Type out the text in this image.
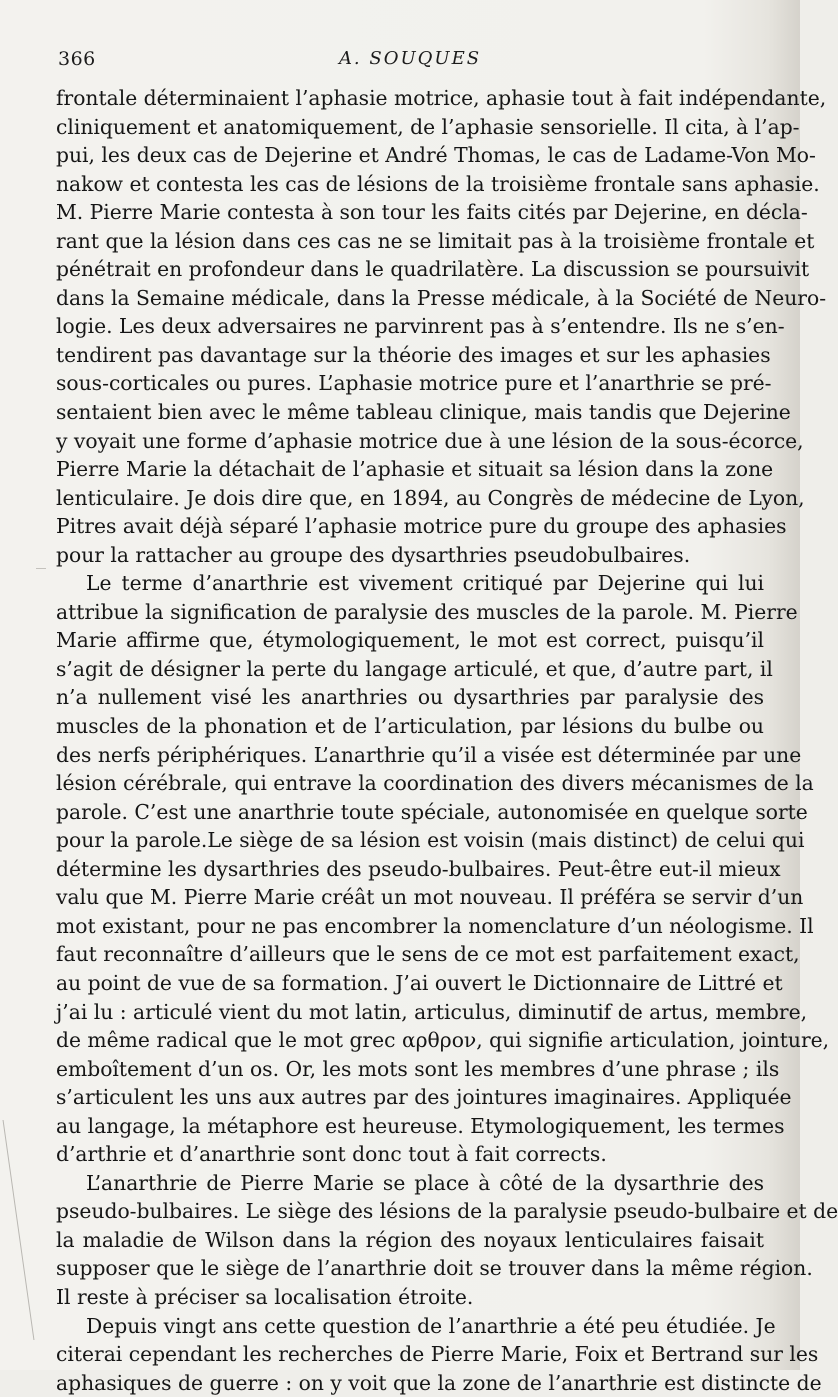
366	A. SOUQUES
frontale déterminaient l’aphasie motrice, aphasie tout à fait indépendante,
cliniquement et anatomiquement, de l’aphasie sensorielle. Il cita, à l’ap-
pui, les deux cas de Dejerine et André Thomas, le cas de Ladame-Von Mo-
nakow et contesta les cas de lésions de la troisième frontale sans aphasie.
M. Pierre Marie contesta à son tour les faits cités par Dejerine, en décla-
rant que la lésion dans ces cas ne se limitait pas à la troisième frontale et
pénétrait en profondeur dans le quadrilatère. La discussion se poursuivit
dans la Semaine médicale, dans la Presse médicale, à la Société de Neuro-
logie. Les deux adversaires ne parvinrent pas à s’entendre. Ils ne s’en-
tendirent pas davantage sur la théorie des images et sur les aphasies
sous-corticales ou pures. L’aphasie motrice pure et l’anarthrie se pré-
sentaient bien avec le même tableau clinique, mais tandis que Dejerine
y voyait une forme d’aphasie motrice due à une lésion de la sous-écorce,
Pierre Marie la détachait de l’aphasie et situait sa lésion dans la zone
lenticulaire. Je dois dire que, en 1894, au Congrès de médecine de Lyon,
Pitres avait déjà séparé l’aphasie motrice pure du groupe des aphasies
pour la rattacher au groupe des dysarthries pseudobulbaires.
Le terme d’anarthrie est vivement critiqué par Dejerine qui lui
attribue la signification de paralysie des muscles de la parole. M. Pierre
Marie affirme que, étymologiquement, le mot est correct, puisqu’il
s’agit de désigner la perte du langage articulé, et que, d’autre part, il
n’a nullement visé les anarthries ou dysarthries par paralysie des
muscles de la phonation et de l’articulation, par lésions du bulbe ou
des nerfs périphériques. L’anarthrie qu’il a visée est déterminée par une
lésion cérébrale, qui entrave la coordination des divers mécanismes de la
parole. C’est une anarthrie toute spéciale, autonomisée en quelque sorte
pour la parole.Le siège de sa lésion est voisin (mais distinct) de celui qui
détermine les dysarthries des pseudo-bulbaires. Peut-être eut-il mieux
valu que M. Pierre Marie créât un mot nouveau. Il préféra se servir d’un
mot existant, pour ne pas encombrer la nomenclature d’un néologisme. Il
faut reconnaître d’ailleurs que le sens de ce mot est parfaitement exact,
au point de vue de sa formation. J’ai ouvert le Dictionnaire de Littré et
j’ai lu : articulé vient du mot latin, articulus, diminutif de artus, membre,
de même radical que le mot grec αρθρον, qui signifie articulation, jointure,
emboîtement d’un os. Or, les mots sont les membres d’une phrase ; ils
s’articulent les uns aux autres par des jointures imaginaires. Appliquée
au langage, la métaphore est heureuse. Etymologiquement, les termes
d’arthrie et d’anarthrie sont donc tout à fait corrects.
L’anarthrie de Pierre Marie se place à côté de la dysarthrie des
pseudo-bulbaires. Le siège des lésions de la paralysie pseudo-bulbaire et de
la maladie de Wilson dans la région des noyaux lenticulaires faisait
supposer que le siège de l’anarthrie doit se trouver dans la même région.
Il reste à préciser sa localisation étroite.
Depuis vingt ans cette question de l’anarthrie a été peu étudiée. Je
citerai cependant les recherches de Pierre Marie, Foix et Bertrand sur les
aphasiques de guerre : on y voit que la zone de l’anarthrie est distincte de
